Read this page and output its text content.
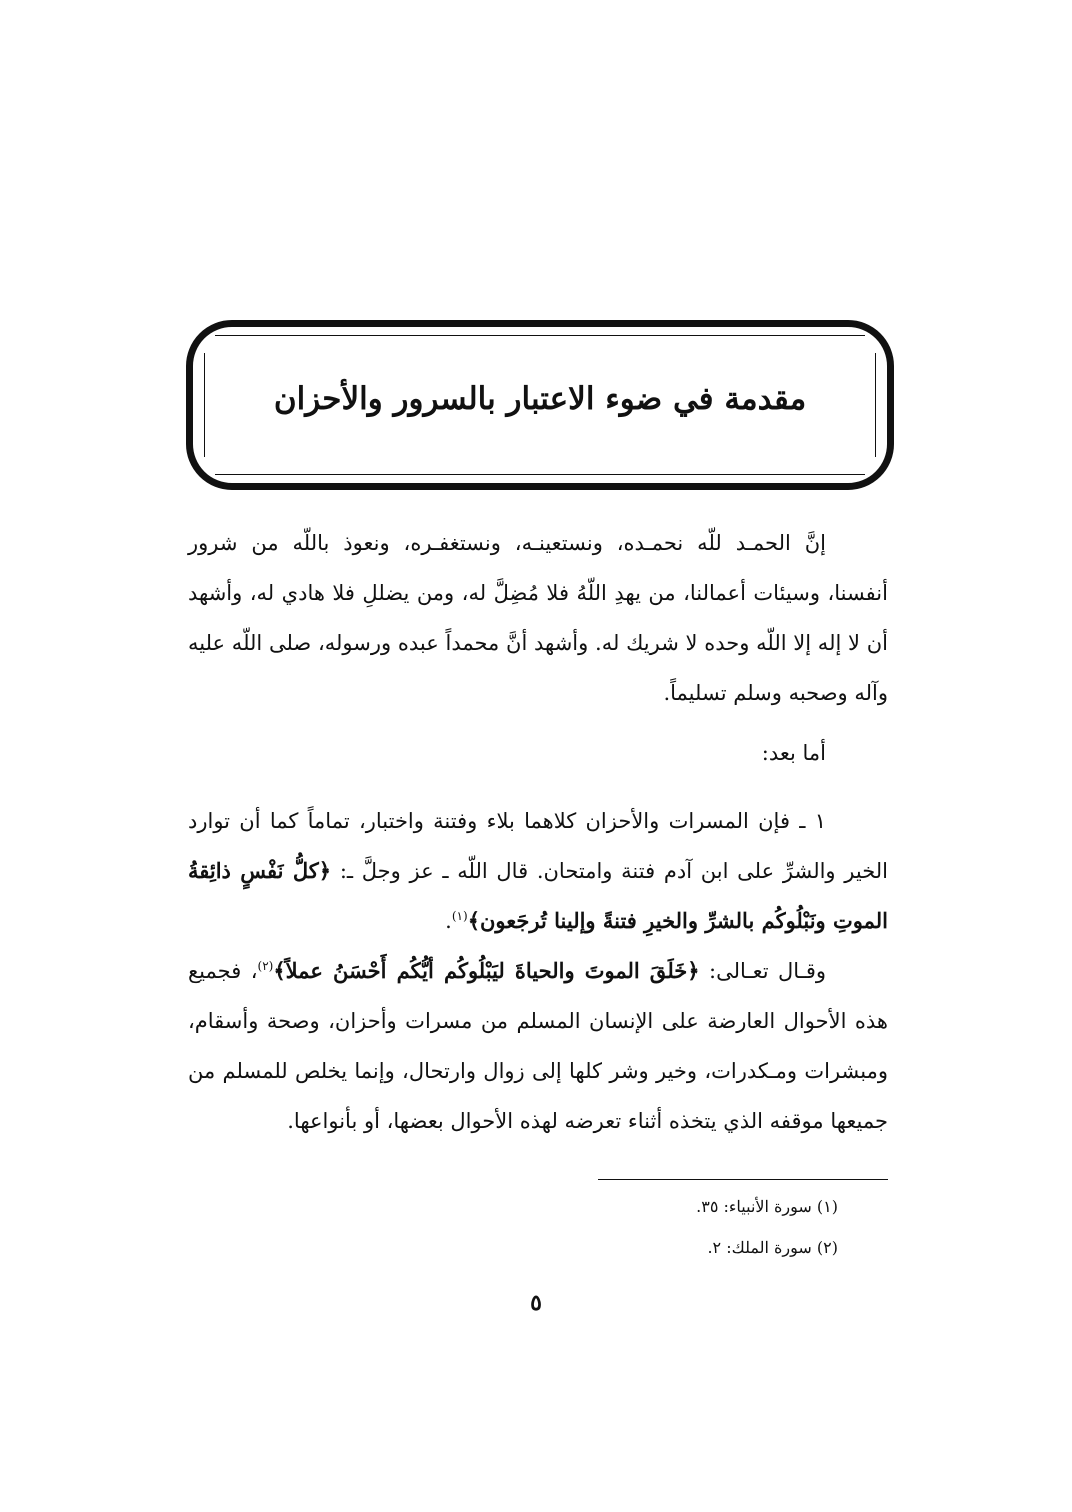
مقدمة في ضوء الاعتبار بالسرور والأحزان

إنَّ الحمـد للّه نحمـده، ونستعينـه، ونستغفـره، ونعوذ باللّه من شرور أنفسنا، وسيئات أعمالنا، من يهدِ اللّهُ فلا مُضِلَّ له، ومن يضللِ فلا هادي له، وأشهد أن لا إله إلا اللّه وحده لا شريك له. وأشهد أنَّ محمداً عبده ورسوله، صلى اللّه عليه وآله وصحبه وسلم تسليماً.

أما بعد:

١ ـ فإن المسرات والأحزان كلاهما بلاء وفتنة واختبار، تماماً كما أن توارد الخير والشرِّ على ابن آدم فتنة وامتحان. قال اللّه ـ عز وجلَّ ـ: ﴿كلُّ نَفْسٍ ذائِقةُ الموتِ ونَبْلُوكُم بالشرِّ والخيرِ فتنةً وإلينا تُرجَعون﴾$^{(١)}$.

وقـال تعـالى: ﴿خَلَقَ الموتَ والحياةَ ليَبْلُوكُم أيُّكُم أَحْسَنُ عملاً﴾$^{(٢)}$، فجميع هذه الأحوال العارضة على الإنسان المسلم من مسرات وأحزان، وصحة وأسقام، ومبشرات ومـكدرات، وخير وشر كلها إلى زوال وارتحال، وإنما يخلص للمسلم من جميعها موقفه الذي يتخذه أثناء تعرضه لهذه الأحوال بعضها، أو بأنواعها.

(١) سورة الأنبياء: ٣٥.
(٢) سورة الملك: ٢.
٥
